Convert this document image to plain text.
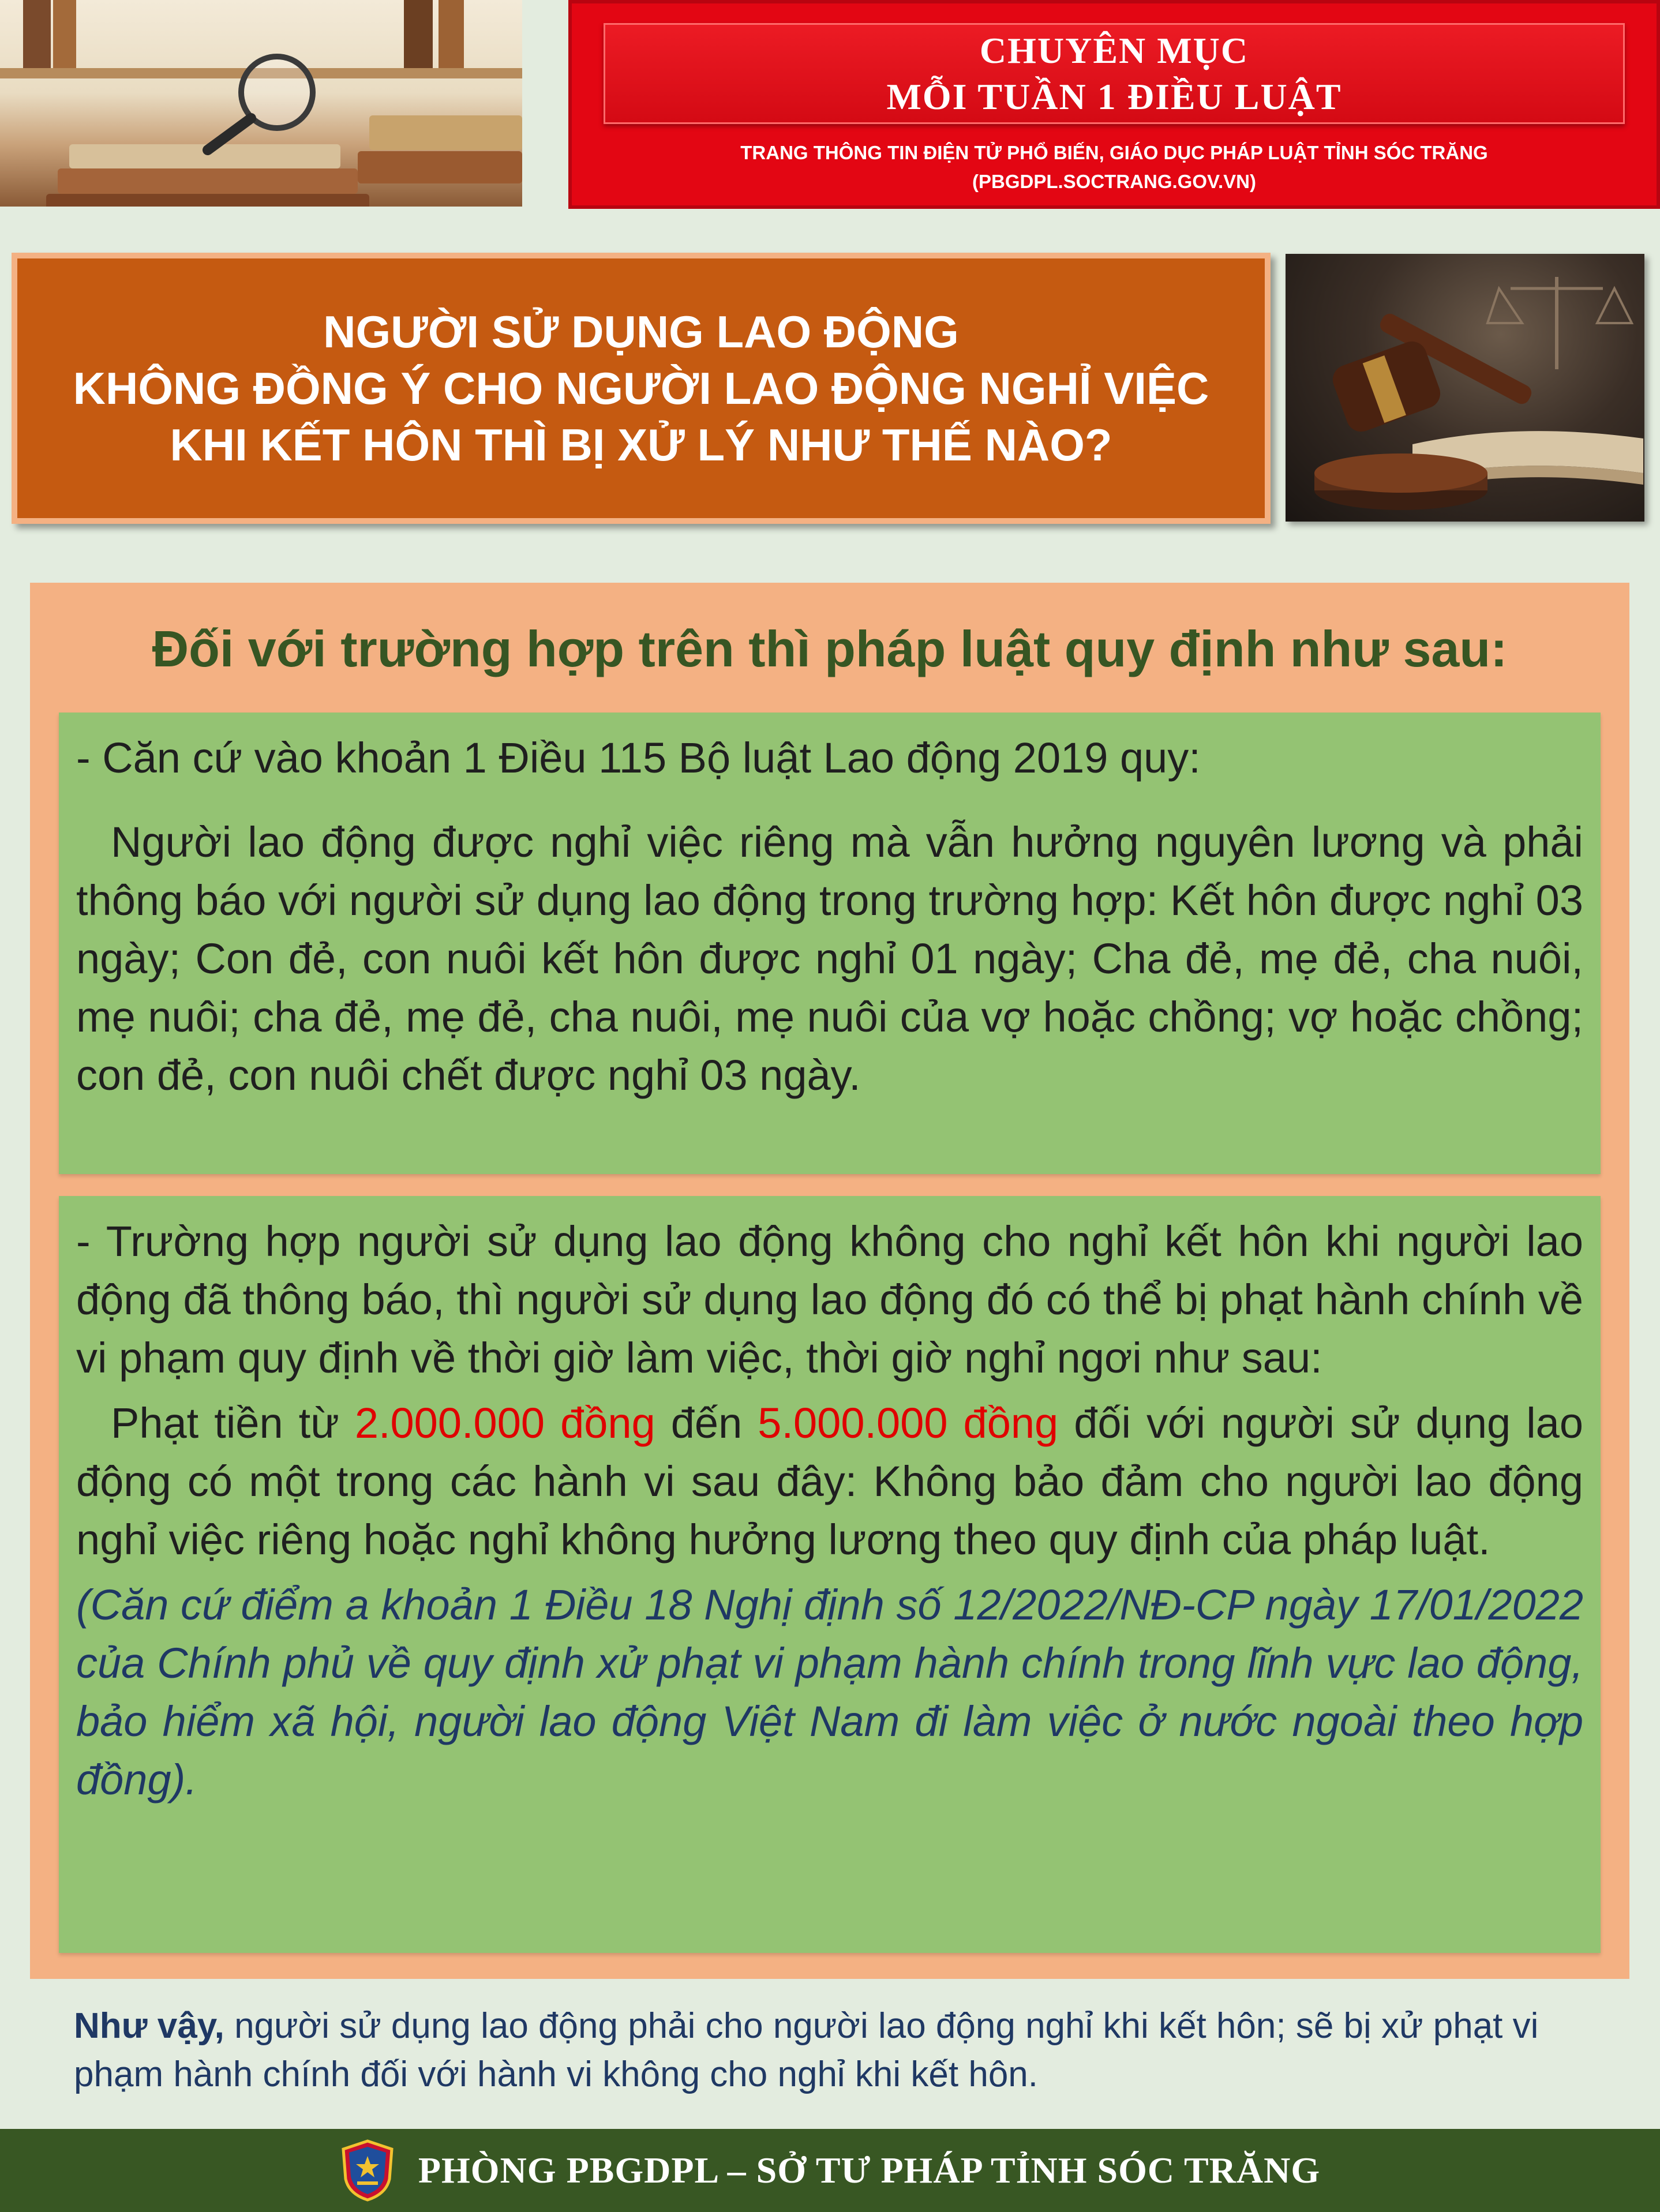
CHUYÊN MỤC
MỖI TUẦN 1 ĐIỀU LUẬT
TRANG THÔNG TIN ĐIỆN TỬ PHỔ BIẾN, GIÁO DỤC PHÁP LUẬT TỈNH SÓC TRĂNG
(PBGDPL.SOCTRANG.GOV.VN)
NGƯỜI SỬ DỤNG LAO ĐỘNG
KHÔNG ĐỒNG Ý CHO NGƯỜI LAO ĐỘNG NGHỈ VIỆC
KHI KẾT HÔN THÌ BỊ XỬ LÝ NHƯ THẾ NÀO?
Đối với trường hợp trên thì pháp luật quy định như sau:

- Căn cứ vào khoản 1 Điều 115 Bộ luật Lao động 2019 quy:

Người lao động được nghỉ việc riêng mà vẫn hưởng nguyên lương và phải thông báo với người sử dụng lao động trong trường hợp: Kết hôn được nghỉ 03 ngày; Con đẻ, con nuôi kết hôn được nghỉ 01 ngày; Cha đẻ, mẹ đẻ, cha nuôi, mẹ nuôi; cha đẻ, mẹ đẻ, cha nuôi, mẹ nuôi của vợ hoặc chồng; vợ hoặc chồng; con đẻ, con nuôi chết được nghỉ 03 ngày.

- Trường hợp người sử dụng lao động không cho nghỉ kết hôn khi người lao động đã thông báo, thì người sử dụng lao động đó có thể bị phạt hành chính về vi phạm quy định về thời giờ làm việc, thời giờ nghỉ ngơi như sau:

Phạt tiền từ 2.000.000 đồng đến 5.000.000 đồng đối với người sử dụng lao động có một trong các hành vi sau đây: Không bảo đảm cho người lao động nghỉ việc riêng hoặc nghỉ không hưởng lương theo quy định của pháp luật.

(Căn cứ điểm a khoản 1 Điều 18 Nghị định số 12/2022/NĐ-CP ngày 17/01/2022 của Chính phủ về quy định xử phạt vi phạm hành chính trong lĩnh vực lao động, bảo hiểm xã hội, người lao động Việt Nam đi làm việc ở nước ngoài theo hợp đồng).

Như vậy, người sử dụng lao động phải cho người lao động nghỉ khi kết hôn; sẽ bị xử phạt vi phạm hành chính đối với hành vi không cho nghỉ khi kết hôn.
PHÒNG PBGDPL – SỞ TƯ PHÁP TỈNH SÓC TRĂNG
